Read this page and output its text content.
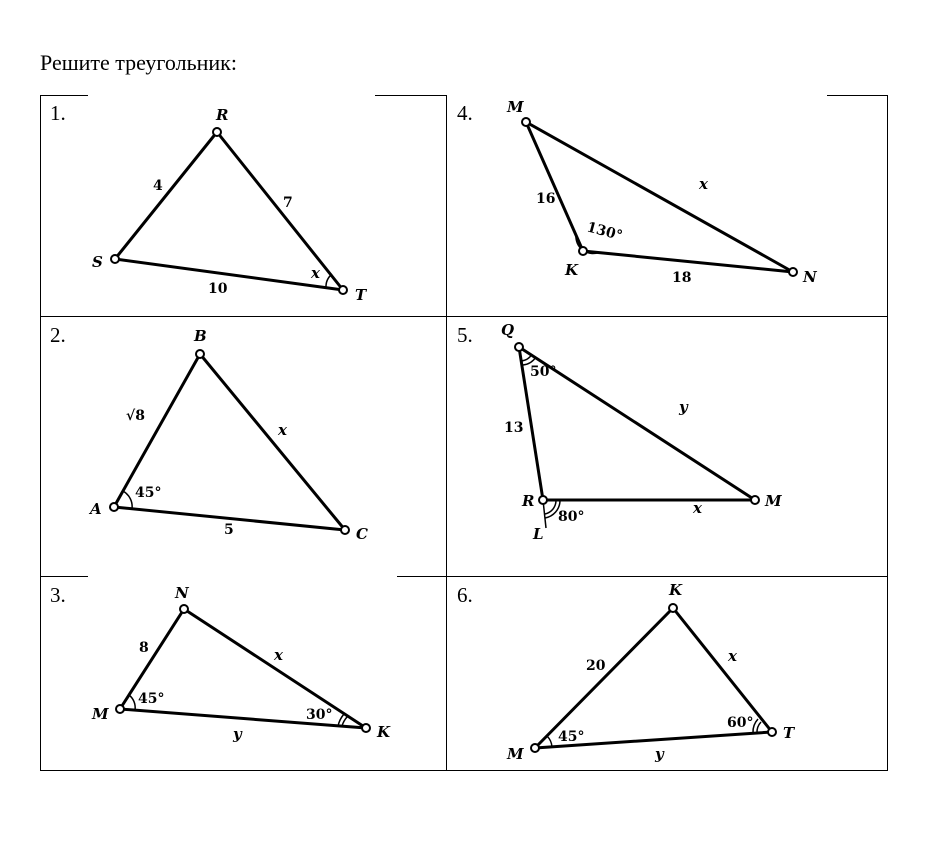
Решите треугольник:
1.	R
S
T
4
7
10
x
4. M
K	N
16
18
130°
x
2.	B
A
C
√8
5
45°
x
5. Q
R	M
L
13
50°
80°
y
x
3.	N
M
K
8
45°
30°
x
y
6.	K
M
T
20
45°
60°
x
y
